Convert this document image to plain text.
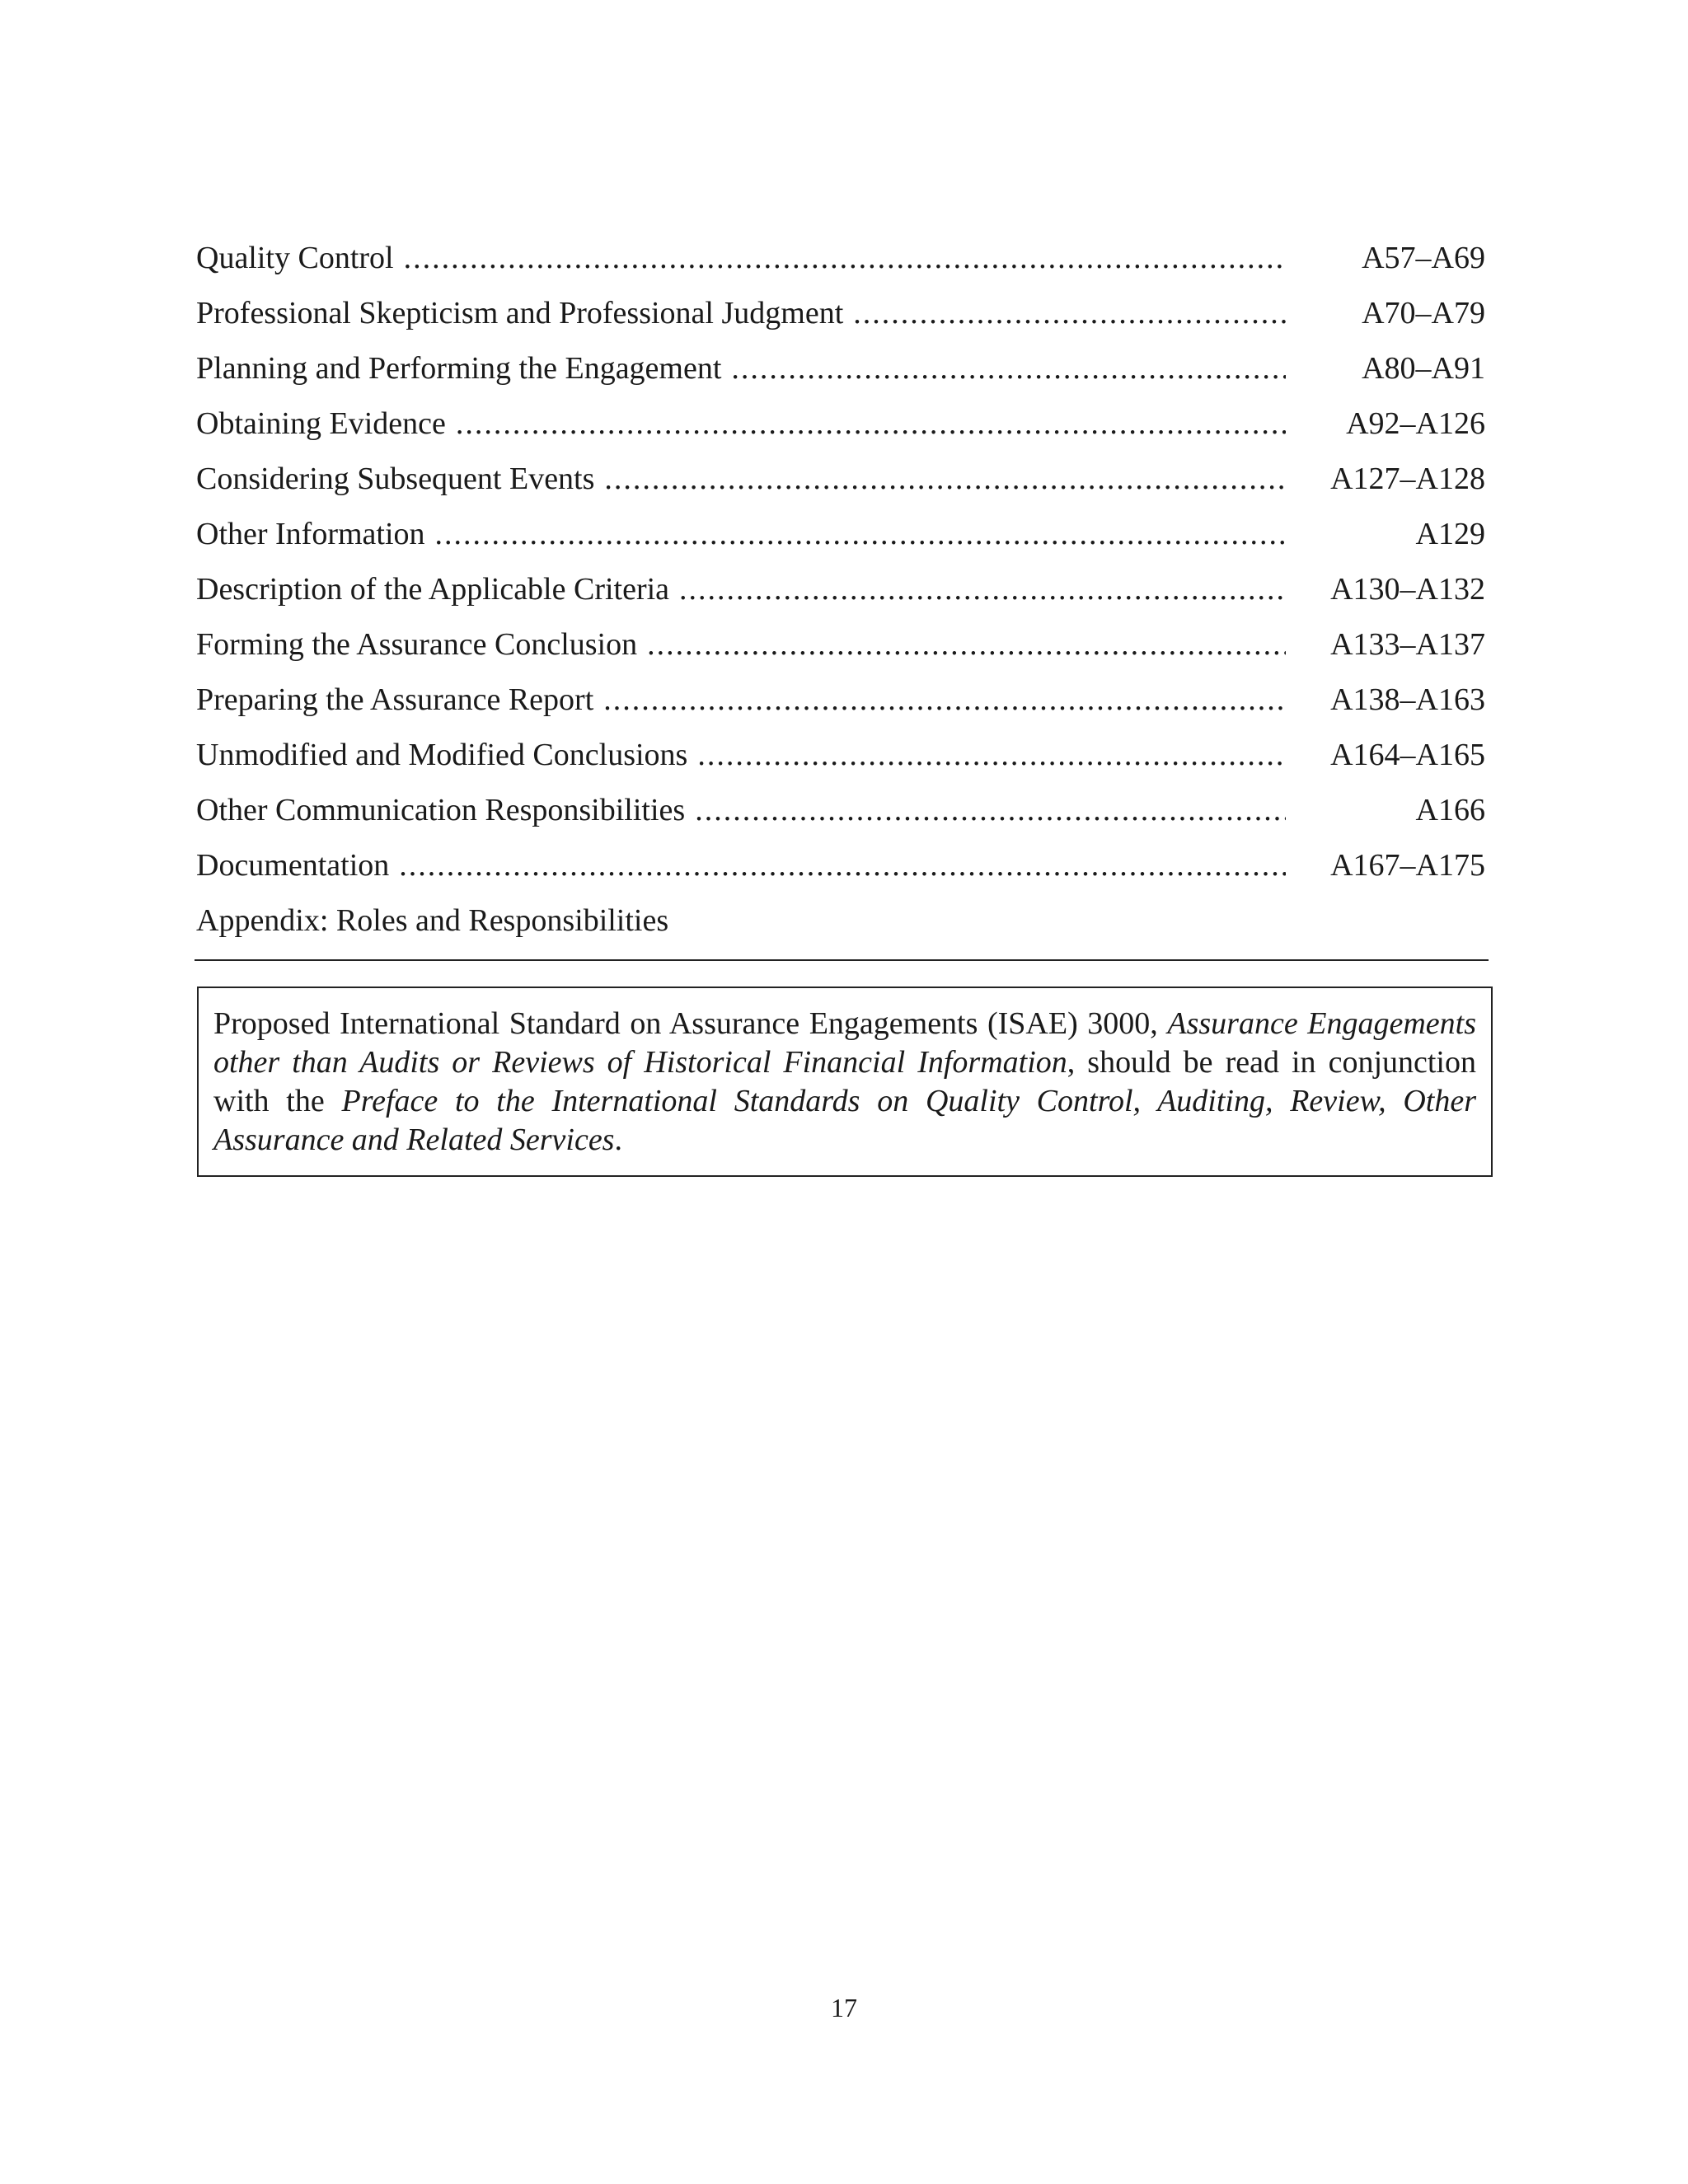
Quality Control .....	A57–A69
Professional Skepticism and Professional Judgment .....	A70–A79
Planning and Performing the Engagement .....	A80–A91
Obtaining Evidence .....	A92–A126
Considering Subsequent Events .....	A127–A128
Other Information .....	A129
Description of the Applicable Criteria .....	A130–A132
Forming the Assurance Conclusion .....	A133–A137
Preparing the Assurance Report .....	A138–A163
Unmodified and Modified Conclusions .....	A164–A165
Other Communication Responsibilities .....	A166
Documentation .....	A167–A175
Appendix: Roles and Responsibilities
Proposed International Standard on Assurance Engagements (ISAE) 3000, Assurance Engagements other than Audits or Reviews of Historical Financial Information, should be read in conjunction with the Preface to the International Standards on Quality Control, Auditing, Review, Other Assurance and Related Services.
17
